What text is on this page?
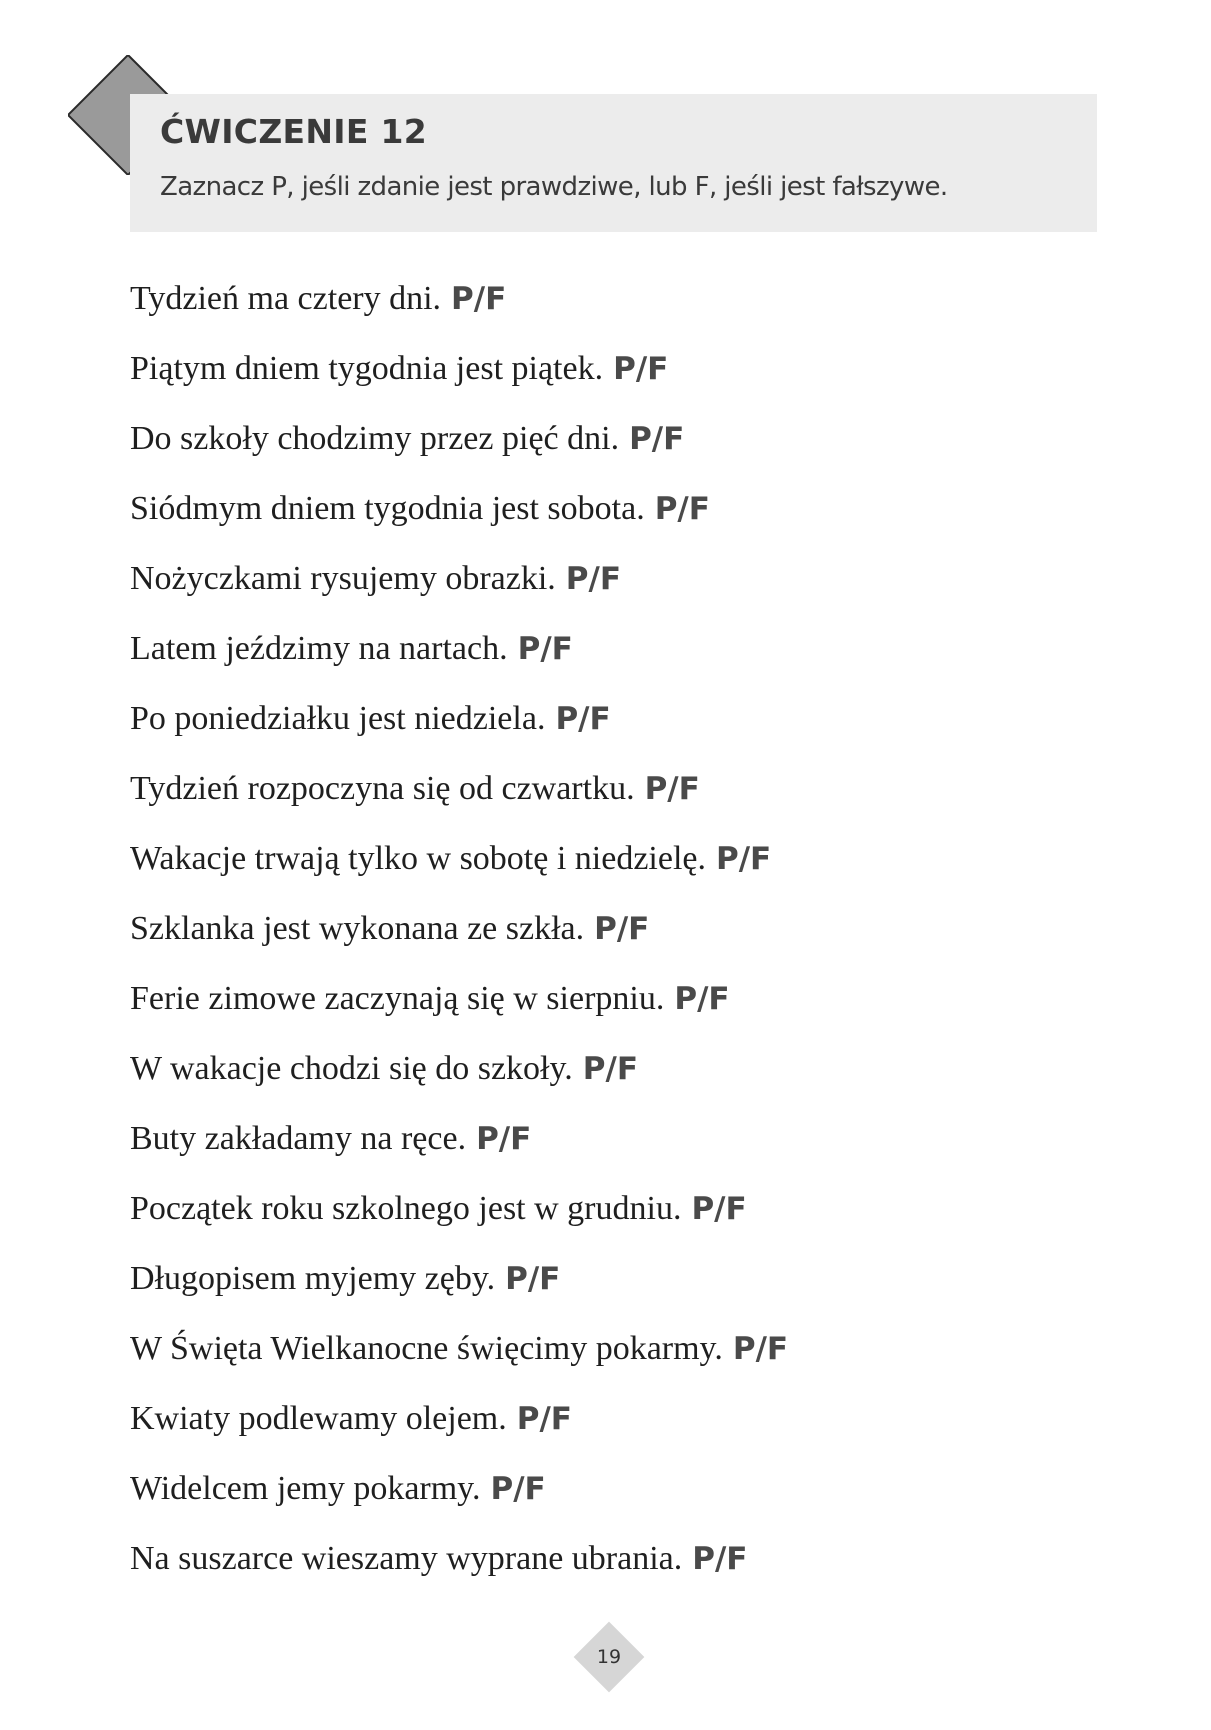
ĆWICZENIE 12
Zaznacz P, jeśli zdanie jest prawdziwe, lub F, jeśli jest fałszywe.
Tydzień ma cztery dni. P/F
Piątym dniem tygodnia jest piątek. P/F
Do szkoły chodzimy przez pięć dni. P/F
Siódmym dniem tygodnia jest sobota. P/F
Nożyczkami rysujemy obrazki. P/F
Latem jeździmy na nartach. P/F
Po poniedziałku jest niedziela. P/F
Tydzień rozpoczyna się od czwartku. P/F
Wakacje trwają tylko w sobotę i niedzielę. P/F
Szklanka jest wykonana ze szkła. P/F
Ferie zimowe zaczynają się w sierpniu. P/F
W wakacje chodzi się do szkoły. P/F
Buty zakładamy na ręce. P/F
Początek roku szkolnego jest w grudniu. P/F
Długopisem myjemy zęby. P/F
W Święta Wielkanocne święcimy pokarmy. P/F
Kwiaty podlewamy olejem. P/F
Widelcem jemy pokarmy. P/F
Na suszarce wieszamy wyprane ubrania. P/F
19
